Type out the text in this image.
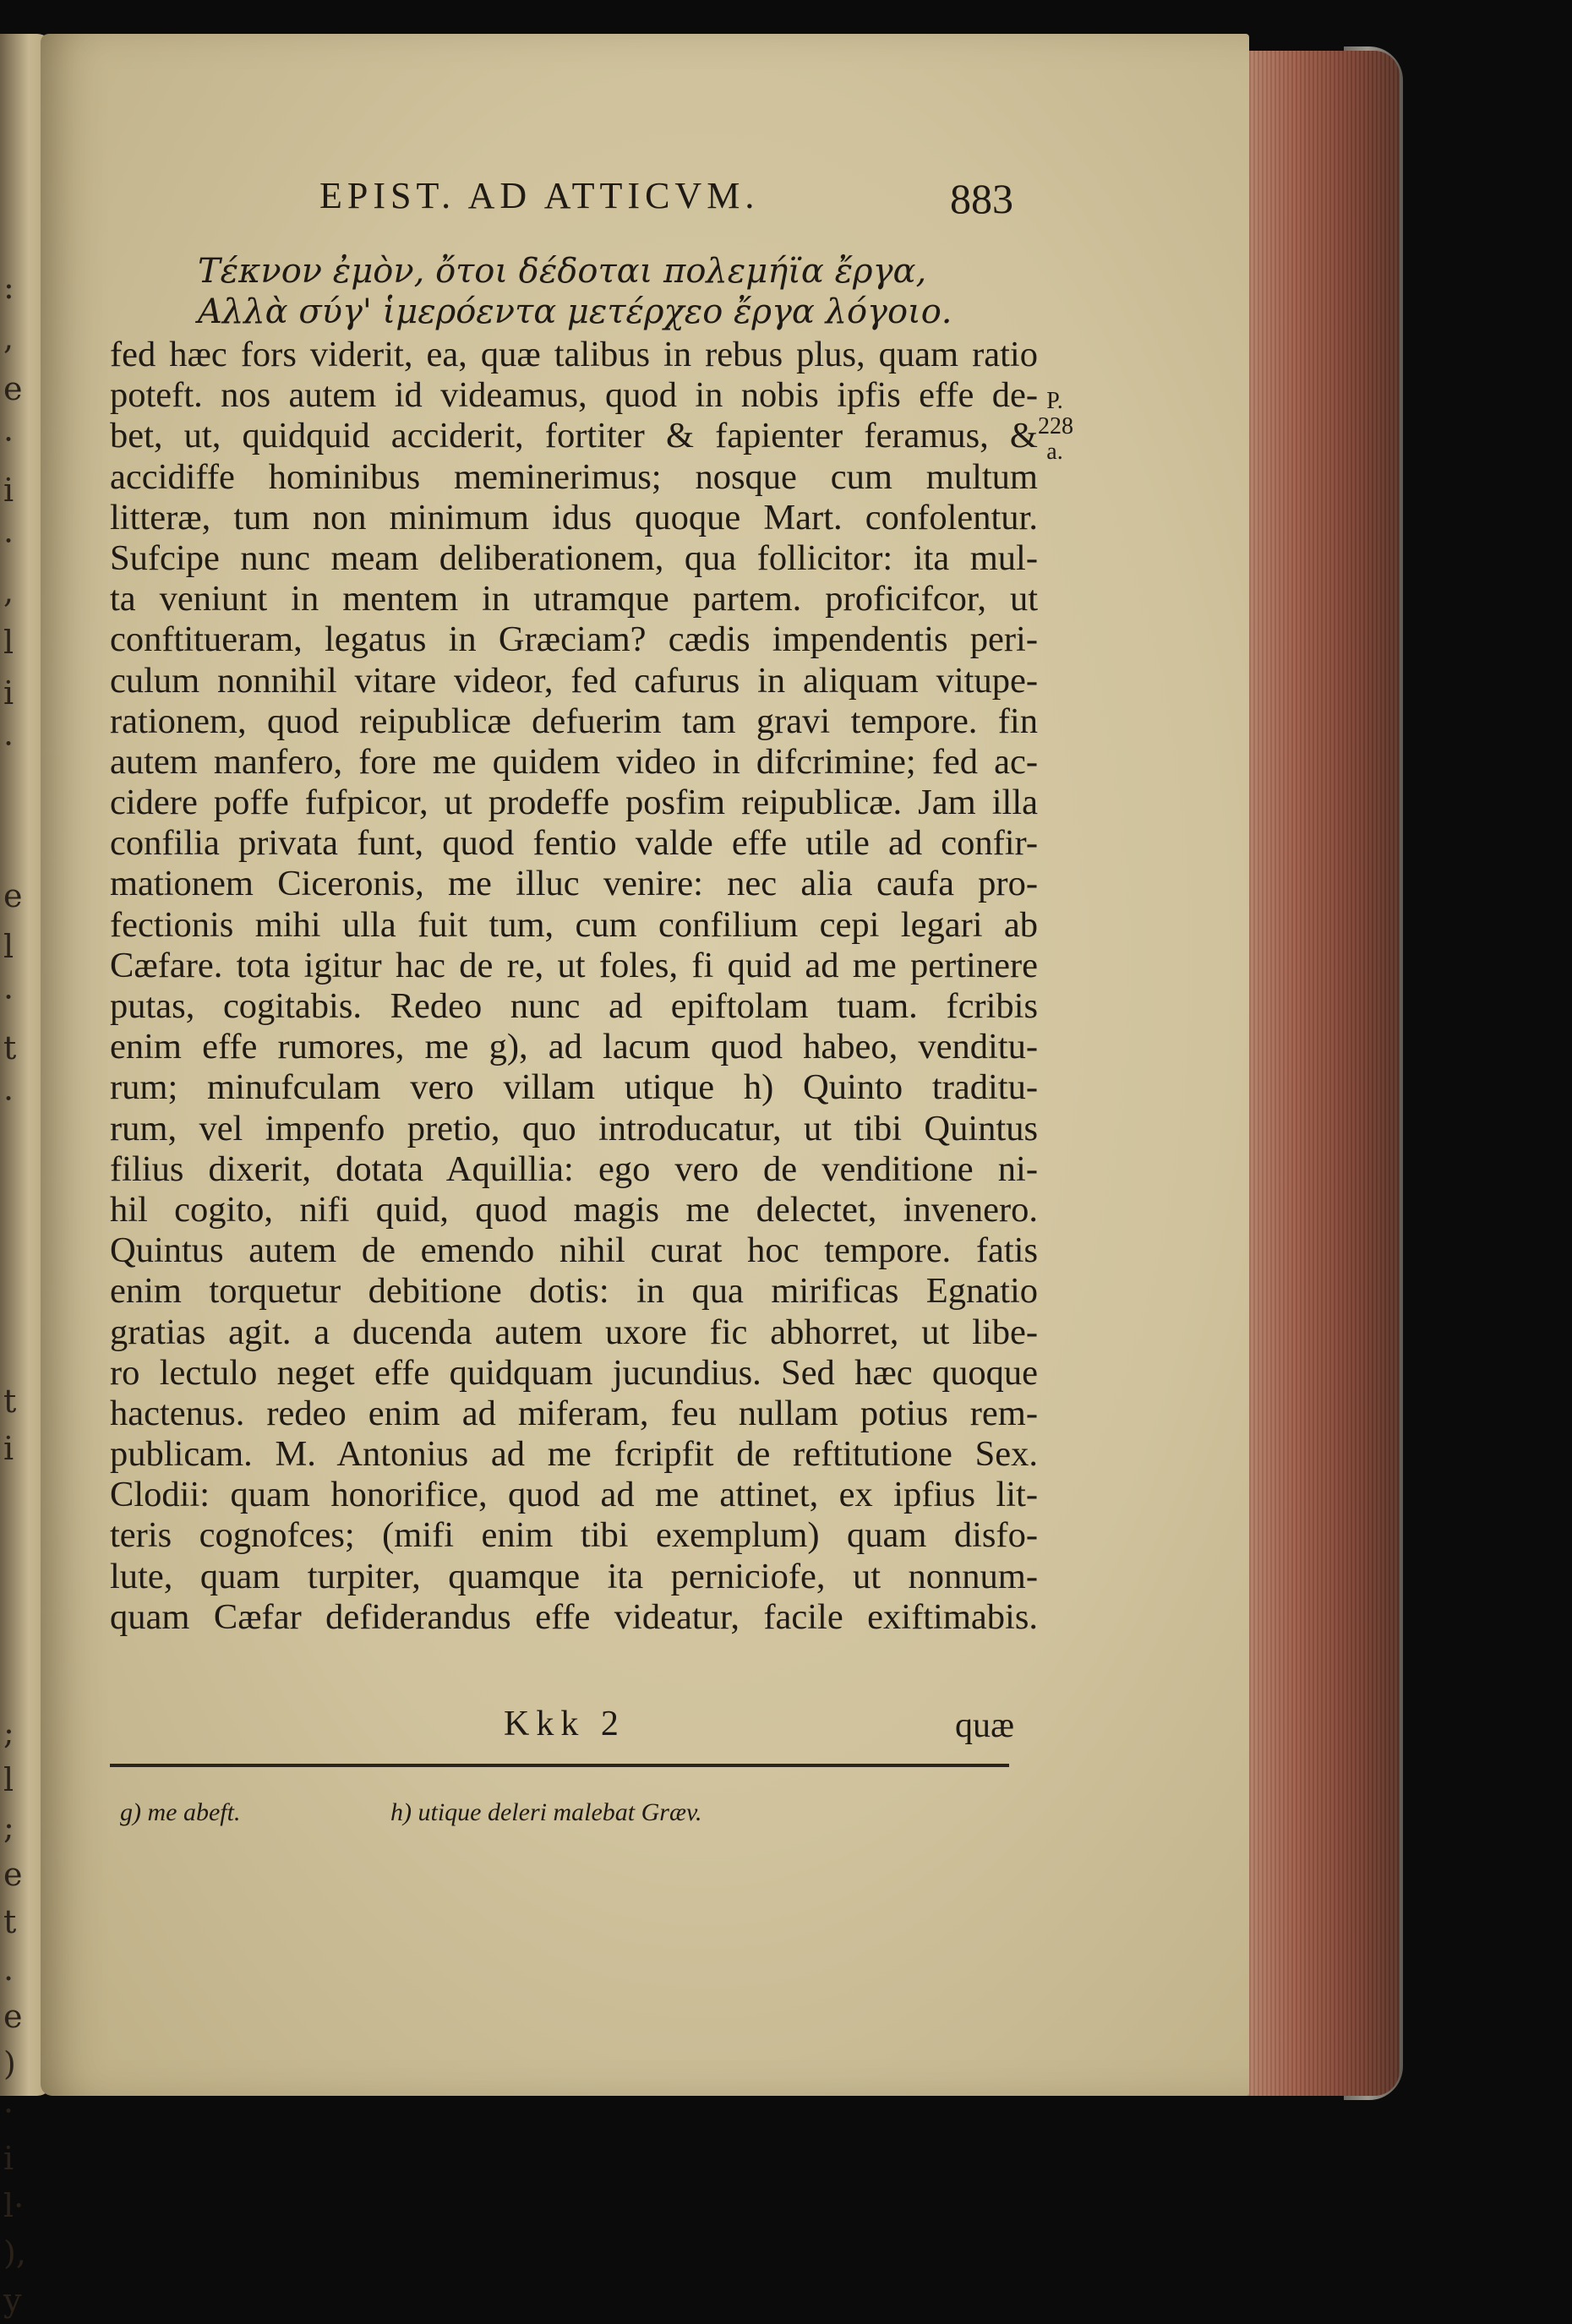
:
,
e
·
i
·
,
l
i
·
e
l
·
t
·
t
i
;
l
;
e
t
.
e
)
·
i
l·
),
y
EPIST. AD ATTICVM.	883
Τέκνον ἐμὸν, ὄτοι δέδοται πολεμήϊα ἔργα,
Αλλὰ σύγ' ἱμερόεντα μετέρχεο ἔργα λόγοιο.
fed hæc fors viderit, ea, quæ talibus in rebus plus, quam ratio
poteft. nos autem id videamus, quod in nobis ipfis effe de-
bet, ut, quidquid acciderit, fortiter & fapienter feramus, &
accidiffe hominibus meminerimus; nosque cum multum
litteræ, tum non minimum idus quoque Mart. confolentur.
Sufcipe nunc meam deliberationem, qua follicitor: ita mul-
ta veniunt in mentem in utramque partem. proficifcor, ut
conftitueram, legatus in Græciam? cædis impendentis peri-
culum nonnihil vitare videor, fed cafurus in aliquam vitupe-
rationem, quod reipublicæ defuerim tam gravi tempore. fin
autem manfero, fore me quidem video in difcrimine; fed ac-
cidere poffe fufpicor, ut prodeffe posfim reipublicæ. Jam illa
confilia privata funt, quod fentio valde effe utile ad confir-
mationem Ciceronis, me illuc venire: nec alia caufa pro-
fectionis mihi ulla fuit tum, cum confilium cepi legari ab
Cæfare. tota igitur hac de re, ut foles, fi quid ad me pertinere
putas, cogitabis. Redeo nunc ad epiftolam tuam. fcribis
enim effe rumores, me g), ad lacum quod habeo, venditu-
rum; minufculam vero villam utique h) Quinto traditu-
rum, vel impenfo pretio, quo introducatur, ut tibi Quintus
filius dixerit, dotata Aquillia: ego vero de venditione ni-
hil cogito, nifi quid, quod magis me delectet, invenero.
Quintus autem de emendo nihil curat hoc tempore. fatis
enim torquetur debitione dotis: in qua mirificas Egnatio
gratias agit. a ducenda autem uxore fic abhorret, ut libe-
ro lectulo neget effe quidquam jucundius. Sed hæc quoque
hactenus. redeo enim ad miferam, feu nullam potius rem-
publicam. M. Antonius ad me fcripfit de reftitutione Sex.
Clodii: quam honorifice, quod ad me attinet, ex ipfius lit-
teris cognofces; (mifi enim tibi exemplum) quam disfo-
lute, quam turpiter, quamque ita perniciofe, ut nonnum-
quam Cæfar defiderandus effe videatur, facile exiftimabis.
P.
228
a.
Kkk 2	quæ
g) me abeft.	h) utique deleri malebat Græv.
